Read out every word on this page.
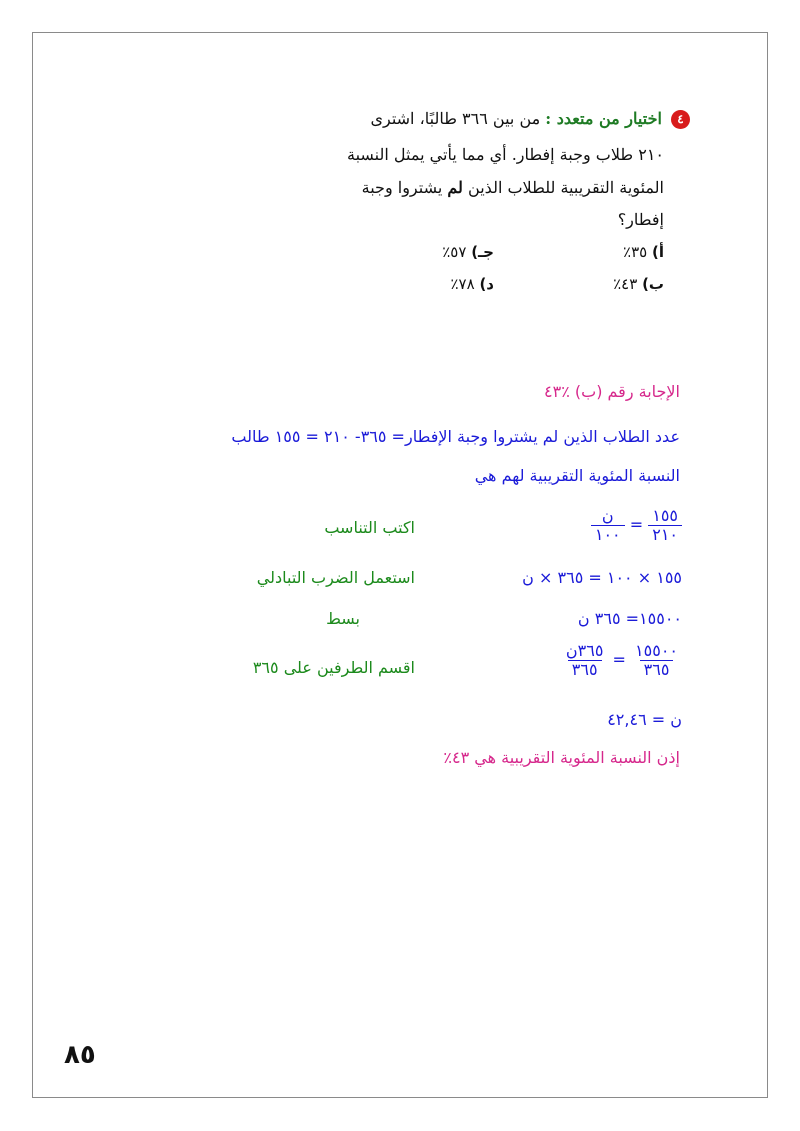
٤ اختيار من متعدد : من بين ٣٦٦ طالبًا، اشترى
٢١٠ طلاب وجبة إفطار. أي مما يأتي يمثل النسبة
المئوية التقريبية للطلاب الذين لم يشتروا وجبة
إفطار؟
أ) ٣٥٪
جـ) ٥٧٪
ب) ٤٣٪
د) ٧٨٪
الإجابة رقم (ب) ٪٤٣
عدد الطلاب الذين لم يشتروا وجبة الإفطار= ٣٦٥- ٢١٠ = ١٥٥ طالب
النسبة المئوية التقريبية لهم هي
$\frac{١٥٥}{٢١٠}$
=
$\frac{\text{ن}}{١٠٠}$
اكتب التناسب
١٥٥ × ١٠٠ = ٣٦٥ × ن
استعمل الضرب التبادلي
١٥٥٠٠= ٣٦٥ ن
بسط
$\frac{١٥٥٠٠}{٣٦٥}$
=
$\frac{\text{٣٦٥ن}}{٣٦٥}$
اقسم الطرفين على ٣٦٥
ن = ٤٢,٤٦
إذن النسبة المئوية التقريبية هي ٤٣٪
٨٥
